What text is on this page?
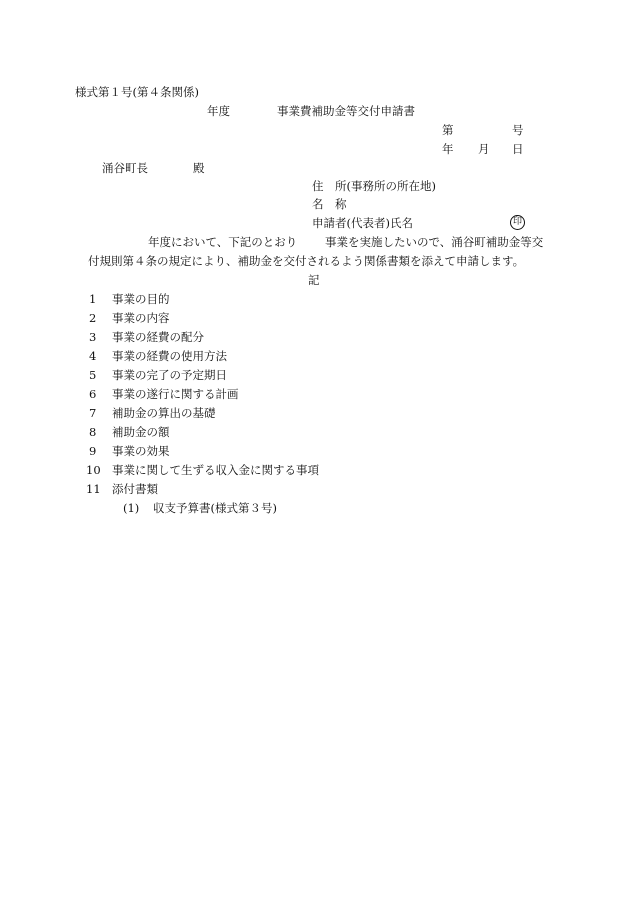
様式第１号(第４条関係)
年度	事業費補助金等交付申請書
第	号
年 月 日
涌谷町長	殿
住　所(事務所の所在地)
名　称
申請者(代表者)氏名	印
年度において、下記のとおり 事業を実施したいので、涌谷町補助金等交
付規則第４条の規定により、補助金を交付されるよう関係書類を添えて申請します。
記
1 事業の目的
2 事業の内容
3 事業の経費の配分
4 事業の経費の使用方法
5 事業の完了の予定期日
6 事業の遂行に関する計画
7 補助金の算出の基礎
8 補助金の額
9 事業の効果
10 事業に関して生ずる収入金に関する事項
11 添付書類
(1) 収支予算書(様式第３号)
